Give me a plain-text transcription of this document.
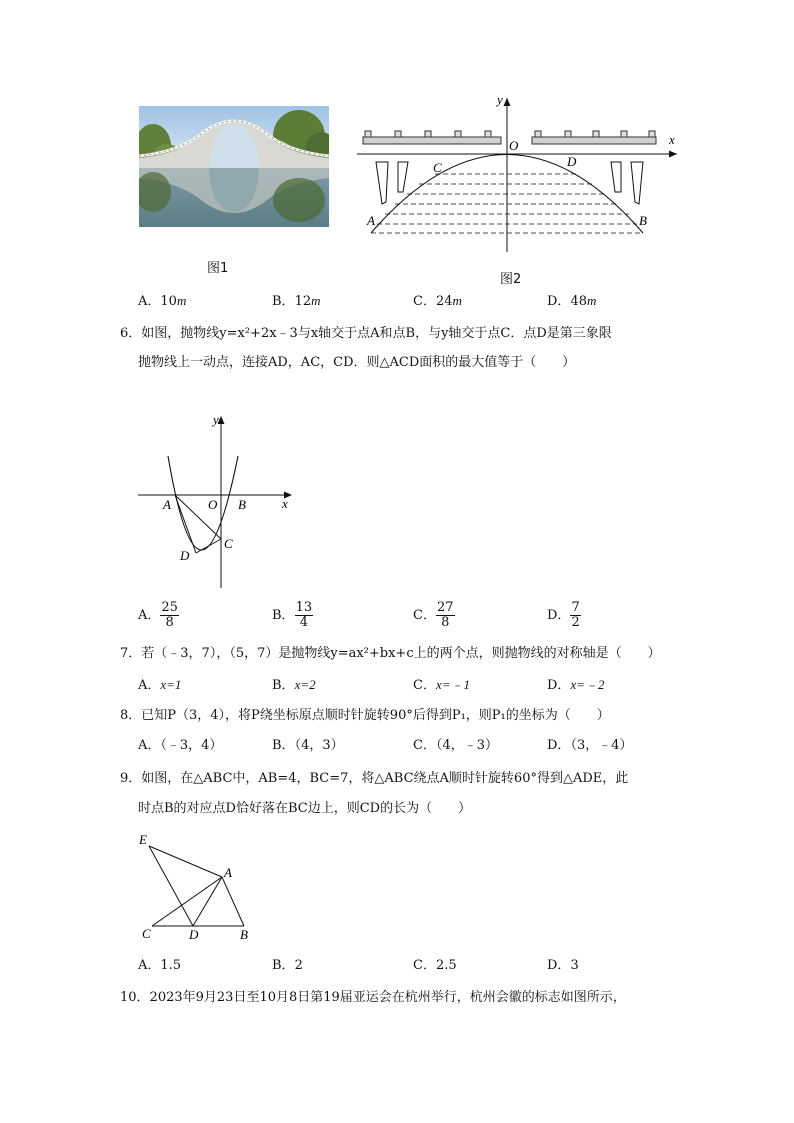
图1
y
x
O
C	D
A	B
图2
A．10m	B．12m	C．24m	D．48m
6．如图，抛物线y=x²+2x﹣3与x轴交于点A和点B，与y轴交于点C．点D是第三象限
抛物线上一动点，连接AD，AC，CD．则△ACD面积的最大值等于（　　）
y
x
A	O B
C
D
A． $\frac{25}{8}$	B． $\frac{13}{4}$	C． $\frac{27}{8}$	D． $\frac{7}{2}$
7．若（﹣3，7），（5，7）是抛物线y=ax²+bx+c上的两个点，则抛物线的对称轴是（　　）
A．x=1	B．x=2	C．x=﹣1	D．x=﹣2
8．已知P（3，4），将P绕坐标原点顺时针旋转90°后得到P₁，则P₁的坐标为（　　）
A．（﹣3，4）	B．（4，3）	C．（4，﹣3）	D．（3，﹣4）
9．如图，在△ABC中，AB=4，BC=7，将△ABC绕点A顺时针旋转60°得到△ADE，此
时点B的对应点D恰好落在BC边上，则CD的长为（　　）
E
A
C	D	B
A．1.5	B．2	C．2.5	D．3
10．2023年9月23日至10月8日第19届亚运会在杭州举行，杭州会徽的标志如图所示，
